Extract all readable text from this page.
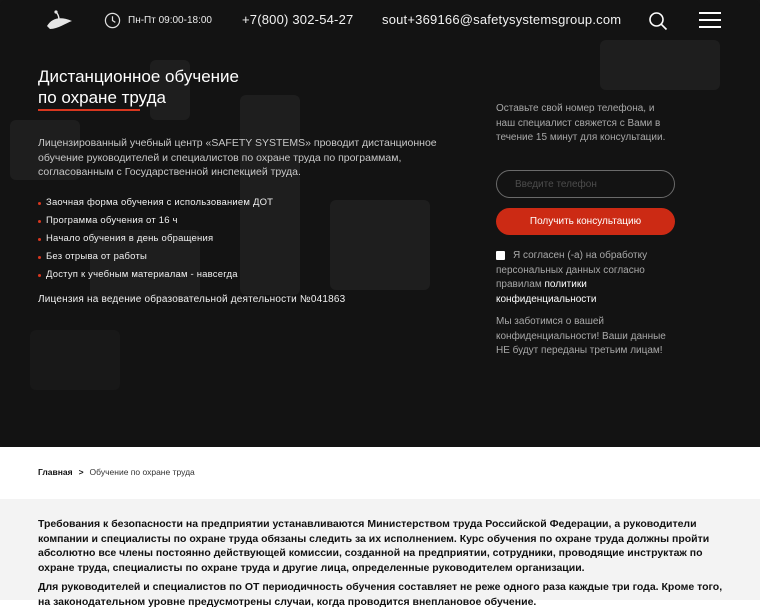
Пн-Пт 09:00-18:00 +7(800) 302-54-27 sout+369166@safetysystemsgroup.com
Дистанционное обучение
по охране труда

Лицензированный учебный центр «SAFETY SYSTEMS» проводит дистанционное обучение руководителей и специалистов по охране труда по программам, согласованным с Государственной инспекцией труда.

Заочная форма обучения с использованием ДОТ
Программа обучения от 16 ч
Начало обучения в день обращения
Без отрыва от работы
Доступ к учебным материалам - навсегда
Лицензия на ведение образовательной деятельности №041863

Оставьте свой номер телефона, и наш специалист свяжется с Вами в течение 15 минут для консультации.

Введите телефон
Получить консультацию

Я согласен (-а) на обработку персональных данных согласно правилам политики конфиденциальности

Мы заботимся о вашей конфиденциальности! Ваши данные НЕ будут переданы третьим лицам!

Главная > Обучение по охране труда

Требования к безопасности на предприятии устанавливаются Министерством труда Российской Федерации, а руководители компании и специалисты по охране труда обязаны следить за их исполнением. Курс обучения по охране труда должны пройти абсолютно все члены постоянно действующей комиссии, созданной на предприятии, сотрудники, проводящие инструктаж по охране труда, специалисты по охране труда и другие лица, определенные руководителем организации.

Для руководителей и специалистов по ОТ периодичность обучения составляет не реже одного раза каждые три года. Кроме того, на законодательном уровне предусмотрены случаи, когда проводится внеплановое обучение.
